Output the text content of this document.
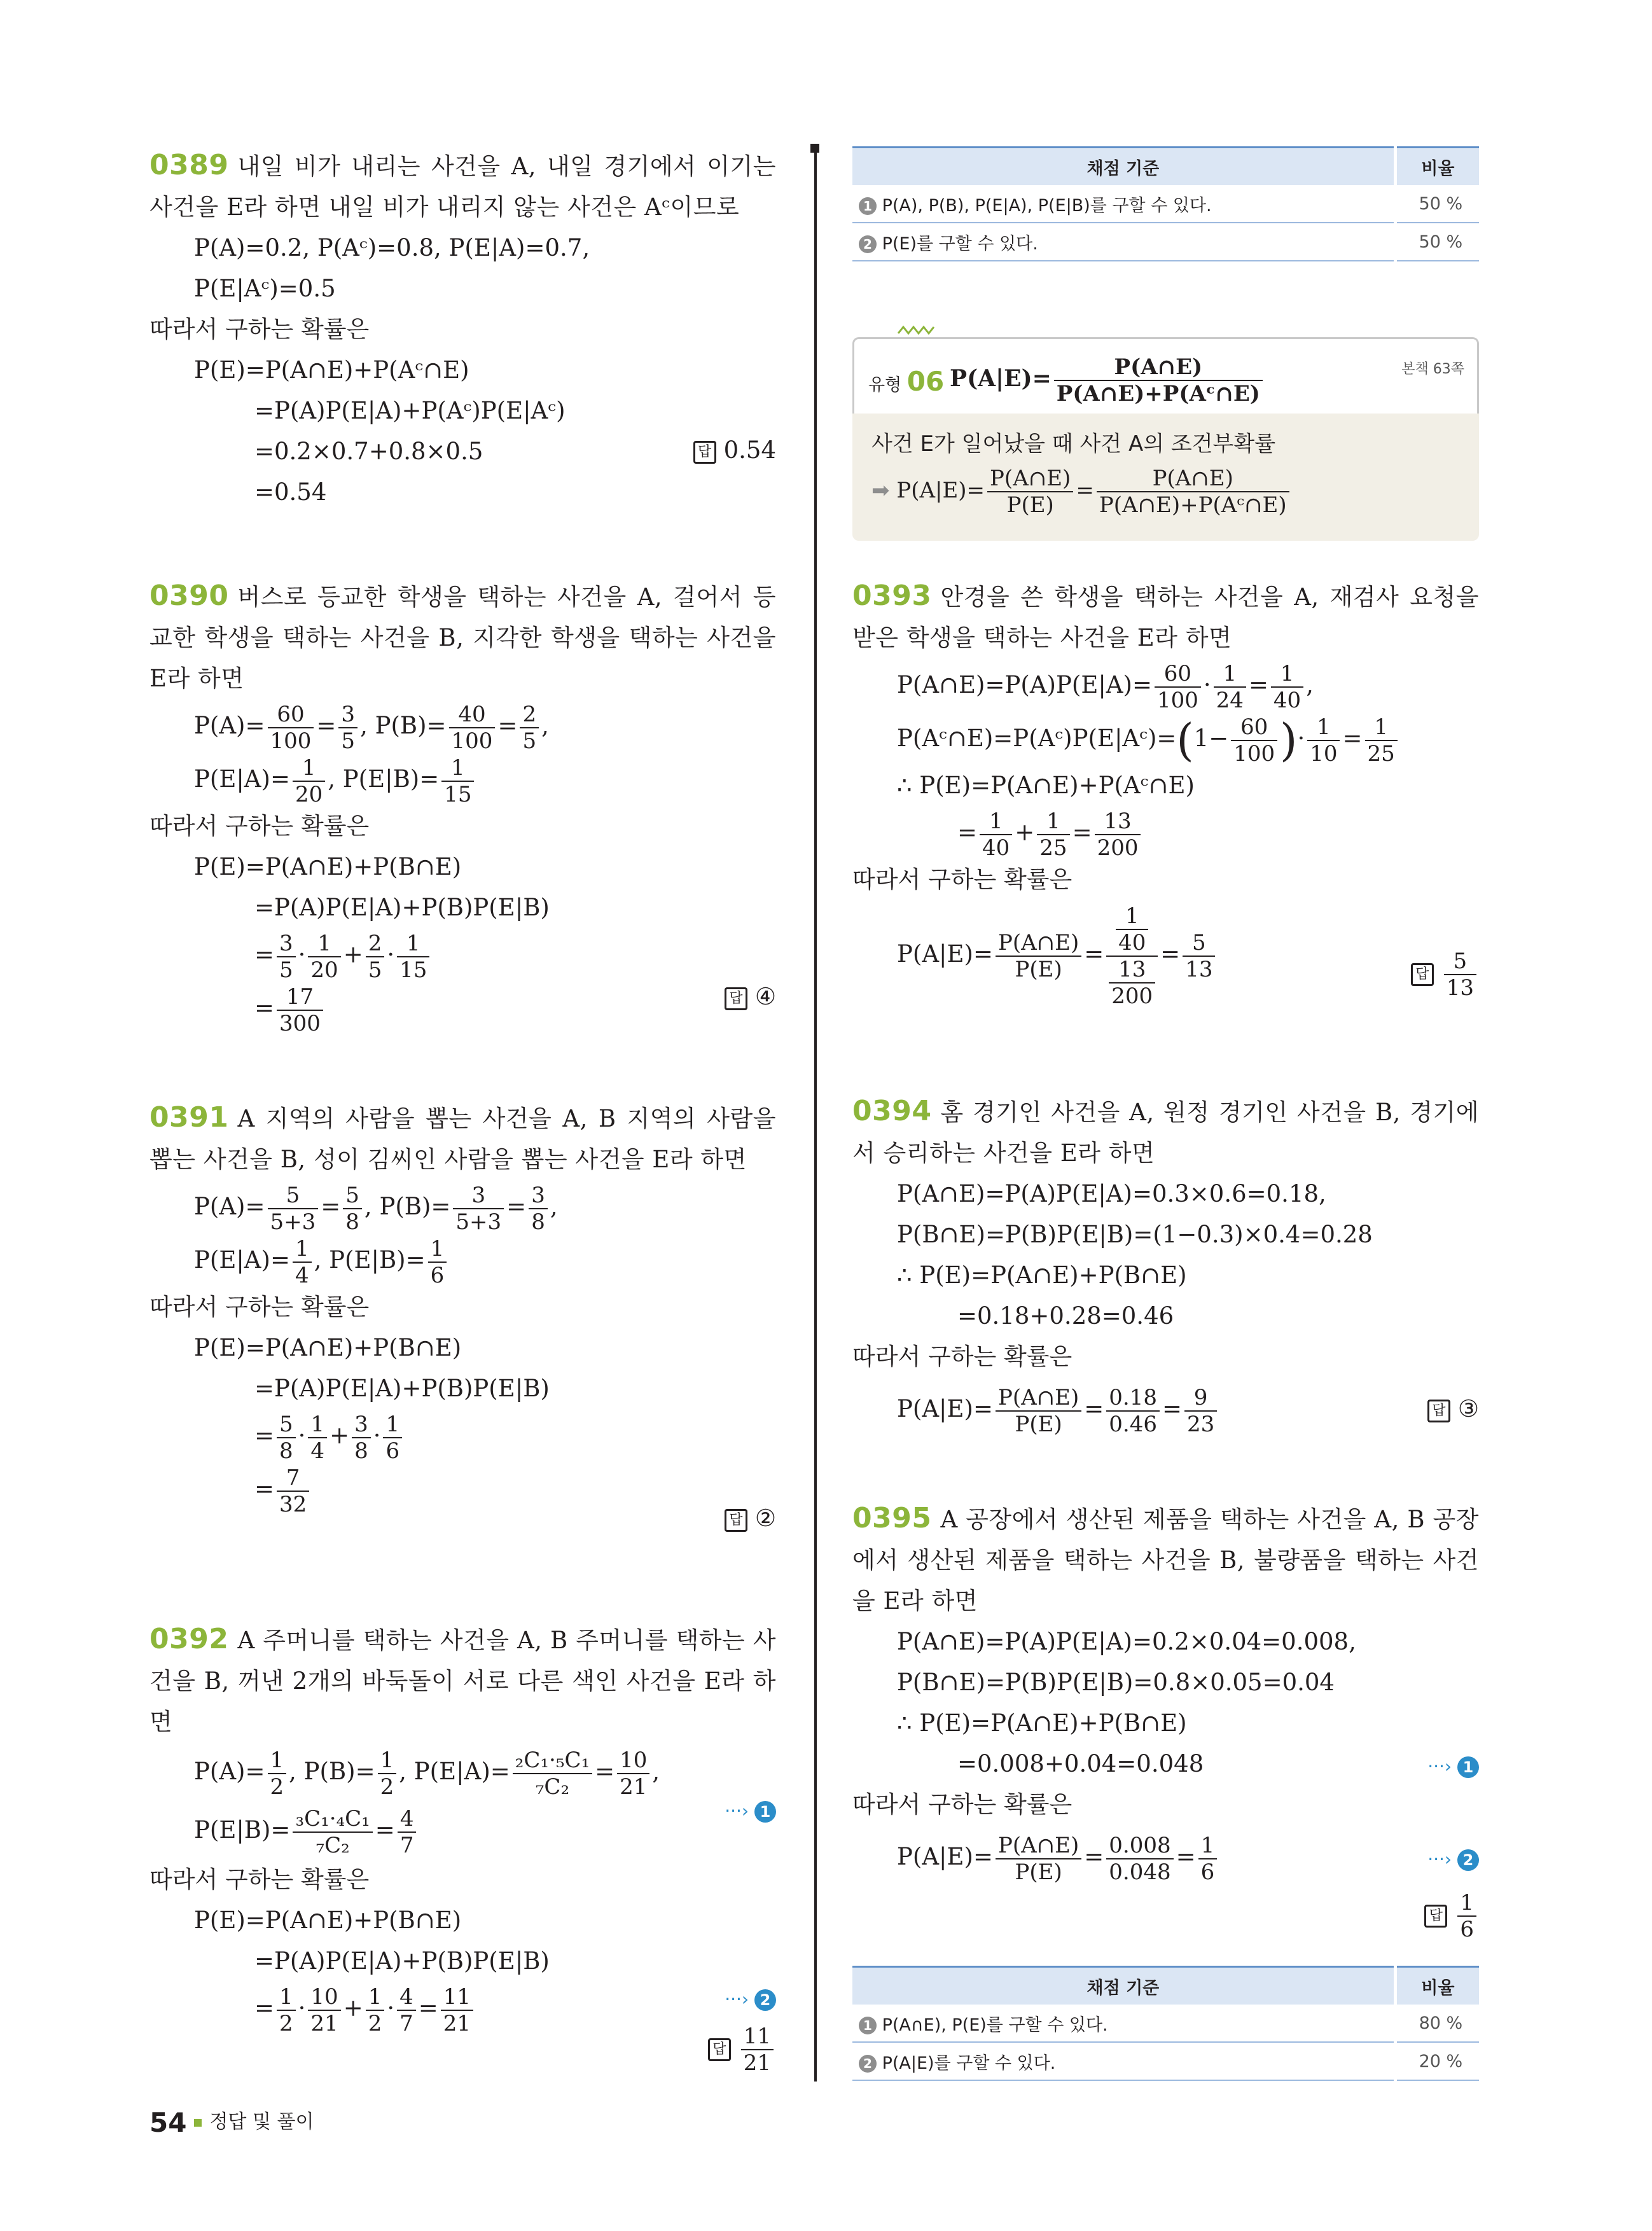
0389 내일 비가 내리는 사건을 A, 내일 경기에서 이기는 사건을 E라 하면 내일 비가 내리지 않는 사건은 Aᶜ이므로
P(A)=0.2, P(Aᶜ)=0.8, P(E|A)=0.7,
P(E|Aᶜ)=0.5
따라서 구하는 확률은
P(E)=P(A∩E)+P(Aᶜ∩E)
=P(A)P(E|A)+P(Aᶜ)P(E|Aᶜ)
=0.2×0.7+0.8×0.5
=0.54
답 0.54
0390 버스로 등교한 학생을 택하는 사건을 A, 걸어서 등교한 학생을 택하는 사건을 B, 지각한 학생을 택하는 사건을 E라 하면
$P(A)= \frac{60}{100} = \frac{3}{5}$ , $P(B)= \frac{40}{100} = \frac{2}{5}$ ,
$P(E|A)= \frac{1}{20}$ , $P(E|B)= \frac{1}{15}$
따라서 구하는 확률은
P(E)=P(A∩E)+P(B∩E)
=P(A)P(E|A)+P(B)P(E|B)
= $\frac{3}{5} \cdot \frac{1}{20} + \frac{2}{5} \cdot \frac{1}{15}$
= $\frac{17}{300}$	답 ④
0391 A 지역의 사람을 뽑는 사건을 A, B 지역의 사람을 뽑는 사건을 B, 성이 김씨인 사람을 뽑는 사건을 E라 하면
$P(A)= \frac{5}{5+3} = \frac{5}{8}$ , $P(B)= \frac{3}{5+3} = \frac{3}{8}$ ,
$P(E|A)= \frac{1}{4}$ , $P(E|B)= \frac{1}{6}$
따라서 구하는 확률은
P(E)=P(A∩E)+P(B∩E)
=P(A)P(E|A)+P(B)P(E|B)
= $\frac{5}{8} \cdot \frac{1}{4} + \frac{3}{8} \cdot \frac{1}{6}$
= $\frac{7}{32}$
답 ②
0392 A 주머니를 택하는 사건을 A, B 주머니를 택하는 사건을 B, 꺼낸 2개의 바둑돌이 서로 다른 색인 사건을 E라 하면
$P(A)= \frac{1}{2}$ , $P(B)= \frac{1}{2}$ , $P(E|A)= \frac{\text{₂C₁·₅C₁}}{\text{₇C₂}} = \frac{10}{21}$ ,
$P(E|B)= \frac{\text{₃C₁·₄C₁}}{\text{₇C₂}} = \frac{4}{7}$
따라서 구하는 확률은
P(E)=P(A∩E)+P(B∩E)
=P(A)P(E|A)+P(B)P(E|B)
= $\frac{1}{2} \cdot \frac{10}{21} + \frac{1}{2} \cdot \frac{4}{7} = \frac{11}{21}$
···› 1
···› 2
답 $\frac{11}{21}$
채점 기준	비율
1 P(A), P(B), P(E|A), P(E|B)를 구할 수 있다.	50 %
2 P(E)를 구할 수 있다.	50 %
유형 06 $P(A|E)= \frac{P(A\cap E)}{\text{P(A∩E)+P(Aᶜ∩E)}}$	본책 63쪽
사건 E가 일어났을 때 사건 A의 조건부확률
➡ $P(A|E)= \frac{P(A\cap E)}{P(E)} = \frac{P(A\cap E)}{\text{P(A∩E)+P(Aᶜ∩E)}}$
0393 안경을 쓴 학생을 택하는 사건을 A, 재검사 요청을 받은 학생을 택하는 사건을 E라 하면
P(A∩E)=P(A)P(E|A)= $\frac{60}{100} \cdot \frac{1}{24} = \frac{1}{40}$ ,
P(Aᶜ∩E)=P(Aᶜ)P(E|Aᶜ)=(1− $\frac{60}{100}$ )· $\frac{1}{10} = \frac{1}{25}$
∴ P(E)=P(A∩E)+P(Aᶜ∩E)
= $\frac{1}{40} + \frac{1}{25} = \frac{13}{200}$
따라서 구하는 확률은
$P(A|E)= \frac{P(A\cap E)}{P(E)} = \frac{\frac{1}{40}}{\frac{13}{200}} = \frac{5}{13}$	답 $\frac{5}{13}$
0394 홈 경기인 사건을 A, 원정 경기인 사건을 B, 경기에서 승리하는 사건을 E라 하면
P(A∩E)=P(A)P(E|A)=0.3×0.6=0.18,
P(B∩E)=P(B)P(E|B)=(1−0.3)×0.4=0.28
∴ P(E)=P(A∩E)+P(B∩E)
=0.18+0.28=0.46
따라서 구하는 확률은
$P(A|E)= \frac{P(A\cap E)}{P(E)} = \frac{0.18}{0.46} = \frac{9}{23}$	답 ③
0395 A 공장에서 생산된 제품을 택하는 사건을 A, B 공장에서 생산된 제품을 택하는 사건을 B, 불량품을 택하는 사건을 E라 하면
P(A∩E)=P(A)P(E|A)=0.2×0.04=0.008,
P(B∩E)=P(B)P(E|B)=0.8×0.05=0.04
∴ P(E)=P(A∩E)+P(B∩E)
=0.008+0.04=0.048
따라서 구하는 확률은
$P(A|E)= \frac{P(A\cap E)}{P(E)} = \frac{0.008}{0.048} = \frac{1}{6}$
···› 1
···› 2
답 $\frac{1}{6}$
채점 기준	비율
1 P(A∩E), P(E)를 구할 수 있다.	80 %
2 P(A|E)를 구할 수 있다.	20 %
54 정답 및 풀이
